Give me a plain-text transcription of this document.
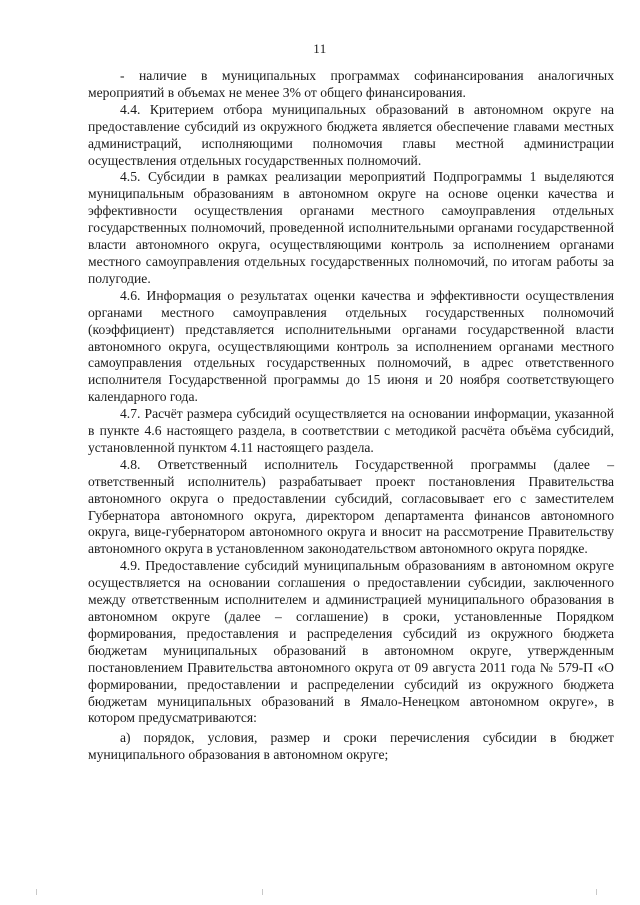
11

- наличие в муниципальных программах софинансирования аналогичных мероприятий в объемах не менее 3% от общего финансирования.

4.4. Критерием отбора муниципальных образований в автономном округе на предоставление субсидий из окружного бюджета является обеспечение главами местных администраций, исполняющими полномочия главы местной администрации осуществления отдельных государственных полномочий.

4.5. Субсидии в рамках реализации мероприятий Подпрограммы 1 выделяются муниципальным образованиям в автономном округе на основе оценки качества и эффективности осуществления органами местного самоуправления отдельных государственных полномочий, проведенной исполнительными органами государственной власти автономного округа, осуществляющими контроль за исполнением органами местного самоуправления отдельных государственных полномочий, по итогам работы за полугодие.

4.6. Информация о результатах оценки качества и эффективности осуществления органами местного самоуправления отдельных государственных полномочий (коэффициент) представляется исполнительными органами государственной власти автономного округа, осуществляющими контроль за исполнением органами местного самоуправления отдельных государственных полномочий, в адрес ответственного исполнителя Государственной программы до 15 июня и 20 ноября соответствующего календарного года.

4.7. Расчёт размера субсидий осуществляется на основании информации, указанной в пункте 4.6 настоящего раздела, в соответствии с методикой расчёта объёма субсидий, установленной пунктом 4.11 настоящего раздела.

4.8. Ответственный исполнитель Государственной программы (далее – ответственный исполнитель) разрабатывает проект постановления Правительства автономного округа о предоставлении субсидий, согласовывает его с заместителем Губернатора автономного округа, директором департамента финансов автономного округа, вице-губернатором автономного округа и вносит на рассмотрение Правительству автономного округа в установленном законодательством автономного округа порядке.

4.9. Предоставление субсидий муниципальным образованиям в автономном округе осуществляется на основании соглашения о предоставлении субсидии, заключенного между ответственным исполнителем и администрацией муниципального образования в автономном округе (далее – соглашение) в сроки, установленные Порядком формирования, предоставления и распределения субсидий из окружного бюджета бюджетам муниципальных образований в автономном округе, утвержденным постановлением Правительства автономного округа от 09 августа 2011 года № 579-П «О формировании, предоставлении и распределении субсидий из окружного бюджета бюджетам муниципальных образований в Ямало-Ненецком автономном округе», в котором предусматриваются:

а) порядок, условия, размер и сроки перечисления субсидии в бюджет муниципального образования в автономном округе;
